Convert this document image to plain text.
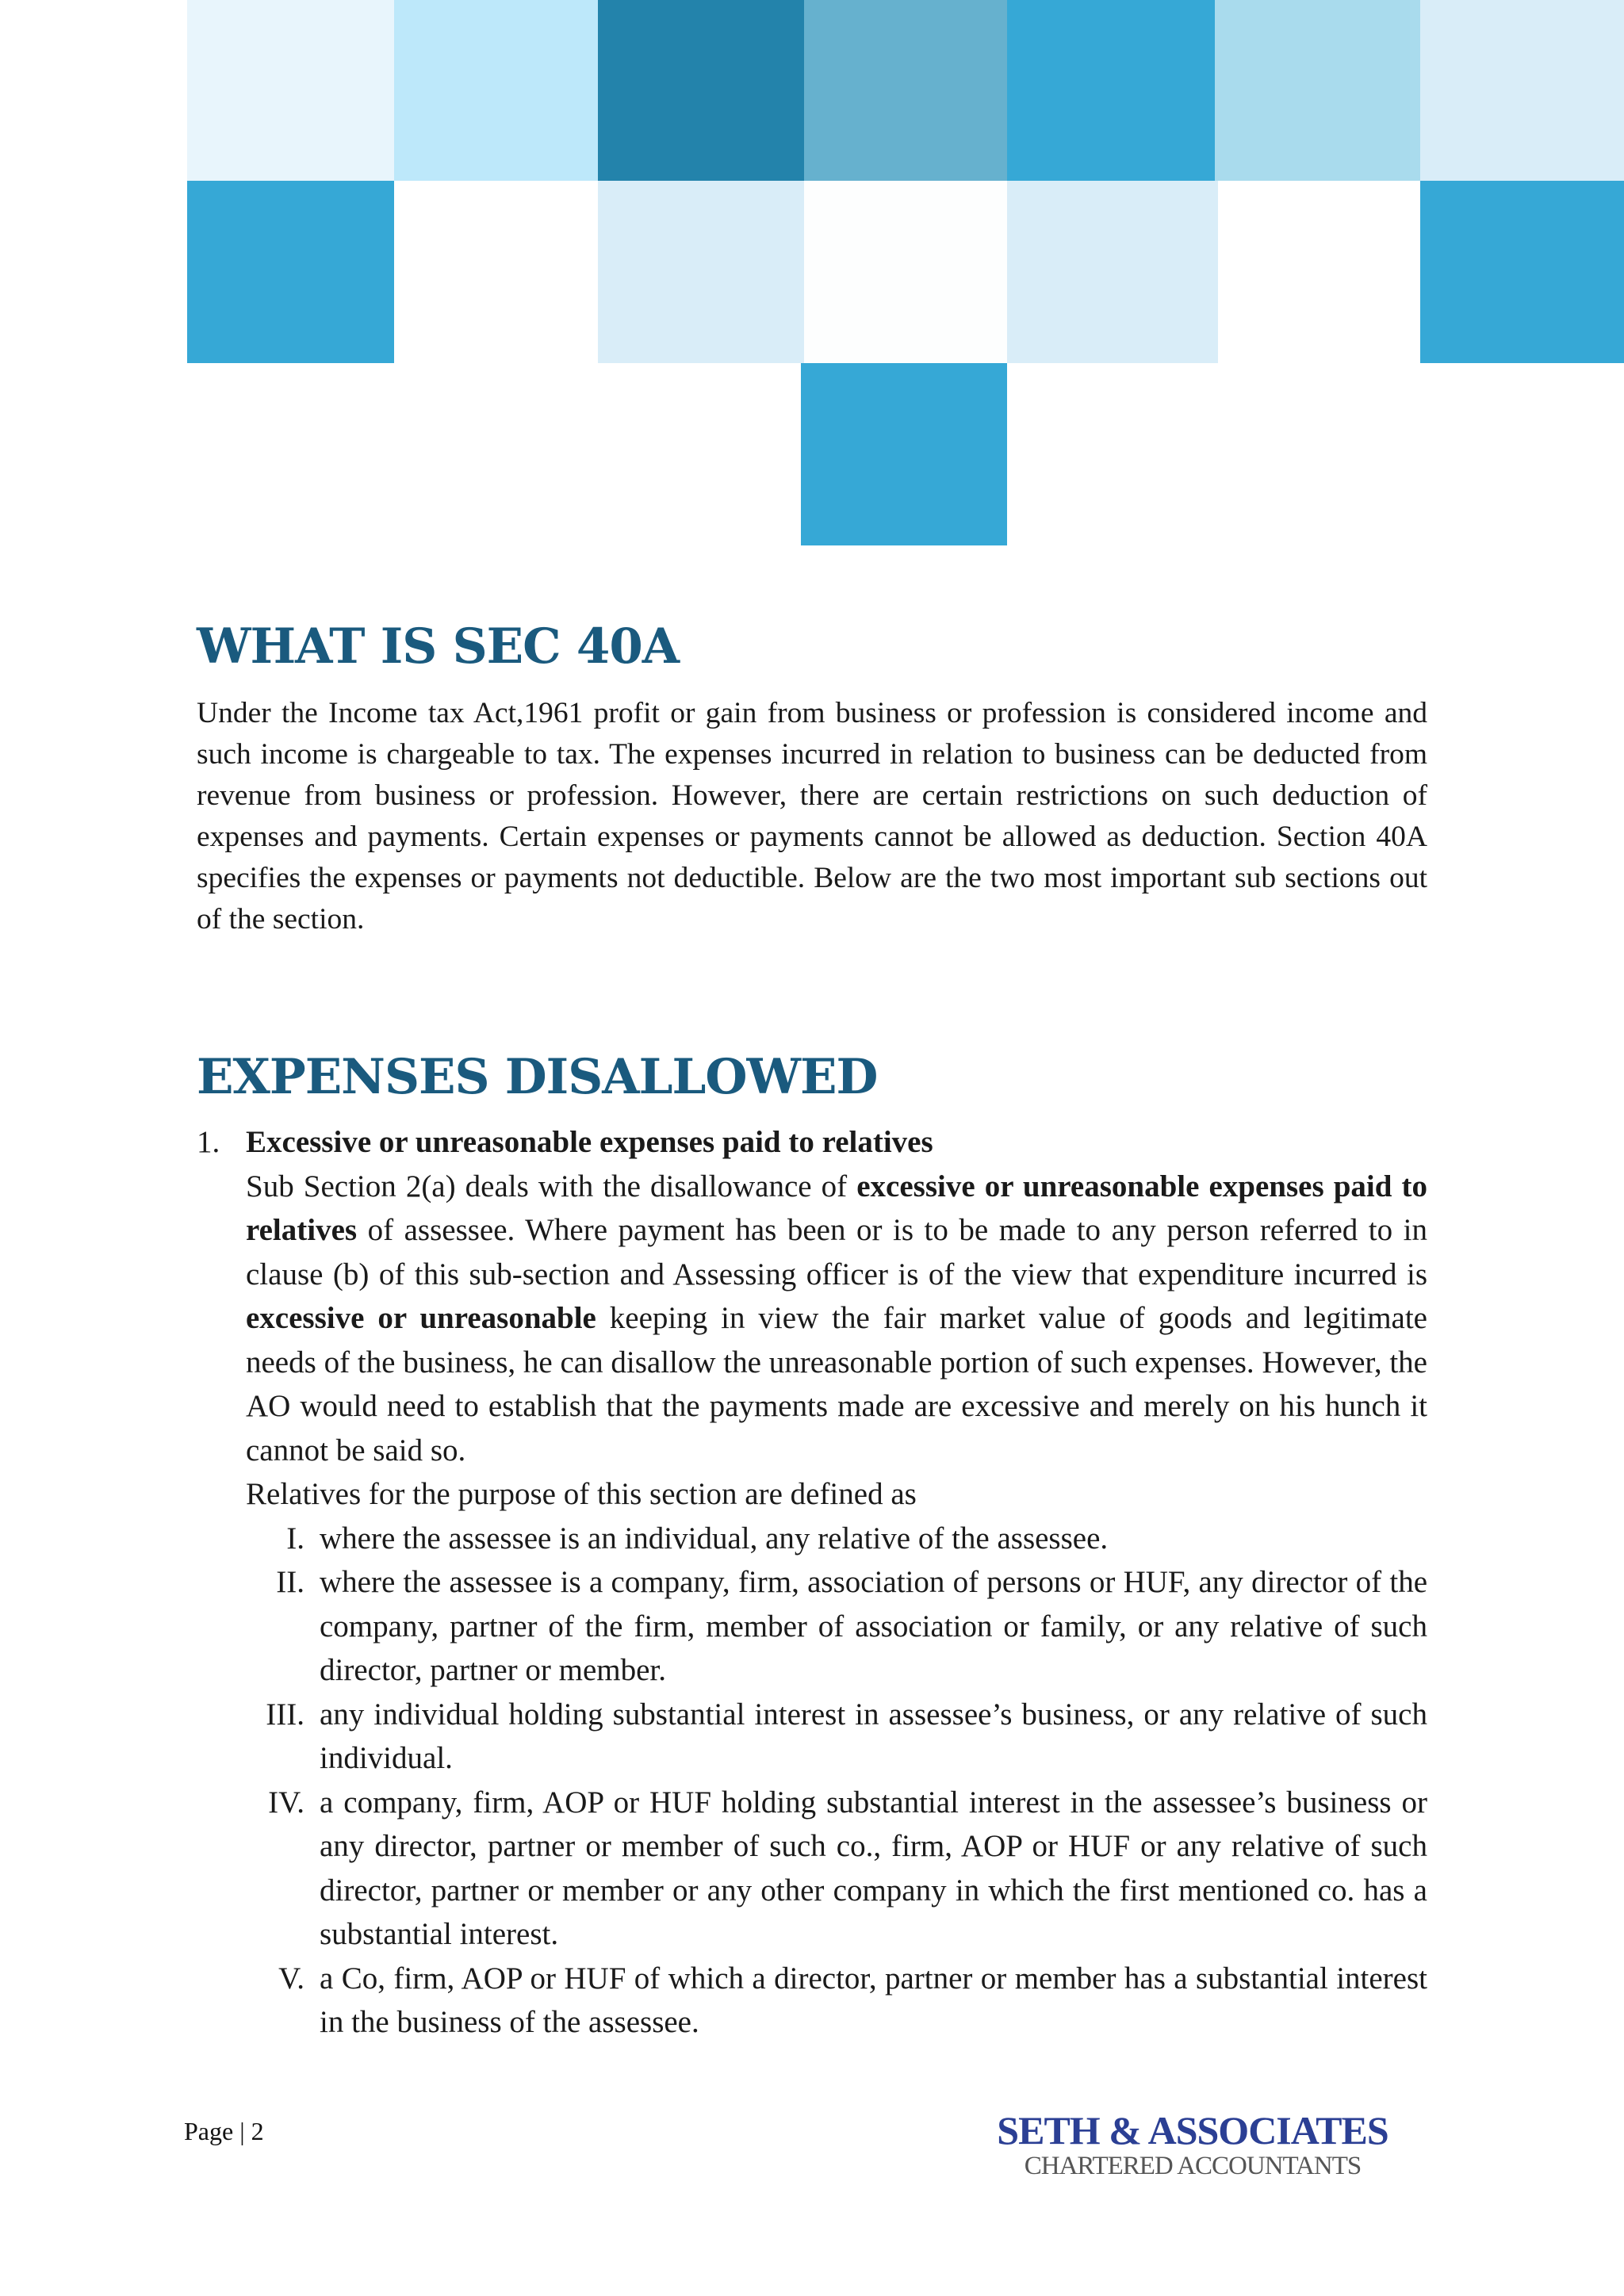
WHAT IS SEC 40A

Under the Income tax Act,1961 profit or gain from business or profession is considered income and such income is chargeable to tax. The expenses incurred in relation to business can be deducted from revenue from business or profession. However, there are certain restrictions on such deduction of expenses and payments. Certain expenses or payments cannot be allowed as deduction. Section 40A specifies the expenses or payments not deductible. Below are the two most important sub sections out of the section.

EXPENSES DISALLOWED
1. Excessive or unreasonable expenses paid to relatives
Sub Section 2(a) deals with the disallowance of excessive or unreasonable expenses paid to relatives of assessee. Where payment has been or is to be made to any person referred to in clause (b) of this sub-section and Assessing officer is of the view that expenditure incurred is excessive or unreasonable keeping in view the fair market value of goods and legitimate needs of the business, he can disallow the unreasonable portion of such expenses. However, the AO would need to establish that the payments made are excessive and merely on his hunch it cannot be said so.
Relatives for the purpose of this section are defined as
I. where the assessee is an individual, any relative of the assessee.
II. where the assessee is a company, firm, association of persons or HUF, any director of the company, partner of the firm, member of association or family, or any relative of such director, partner or member.
III. any individual holding substantial interest in assessee’s business, or any relative of such individual.
IV. a company, firm, AOP or HUF holding substantial interest in the assessee’s business or any director, partner or member of such co., firm, AOP or HUF or any relative of such director, partner or member or any other company in which the first mentioned co. has a substantial interest.
V. a Co, firm, AOP or HUF of which a director, partner or member has a substantial interest in the business of the assessee.
Page | 2	SETH & ASSOCIATES
CHARTERED ACCOUNTANTS
